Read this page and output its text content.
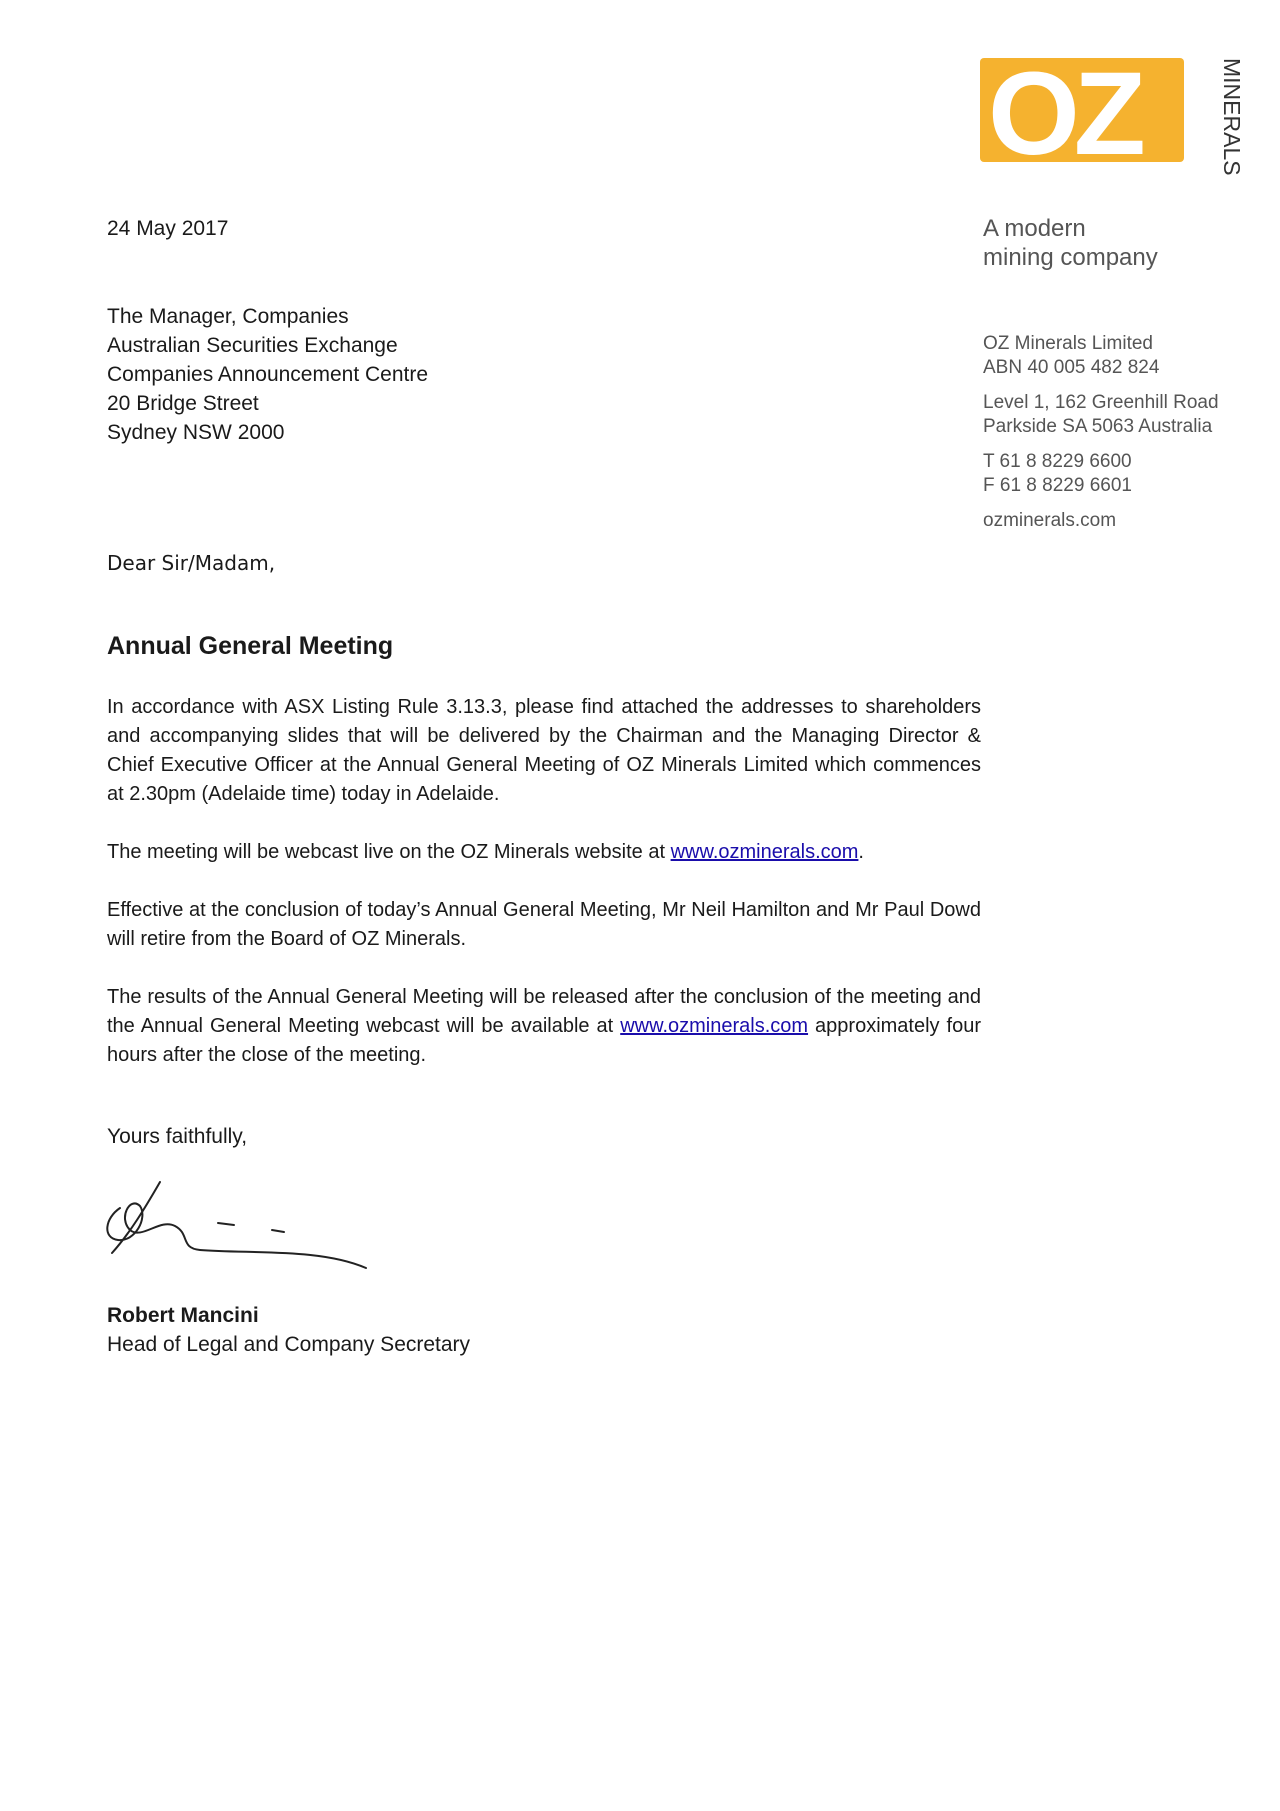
OZ	MINERALS
A modern
mining company

OZ Minerals Limited

ABN 40 005 482 824

Level 1, 162 Greenhill Road

Parkside SA 5063 Australia

T 61 8 8229 6600

F 61 8 8229 6601

ozminerals.com

24 May 2017

The Manager, Companies

Australian Securities Exchange

Companies Announcement Centre

20 Bridge Street

Sydney NSW 2000

Dear Sir/Madam,
Annual General Meeting

In accordance with ASX Listing Rule 3.13.3, please find attached the addresses to shareholders and accompanying slides that will be delivered by the Chairman and the Managing Director & Chief Executive Officer at the Annual General Meeting of OZ Minerals Limited which commences at 2.30pm (Adelaide time) today in Adelaide.

The meeting will be webcast live on the OZ Minerals website at www.ozminerals.com.

Effective at the conclusion of today’s Annual General Meeting, Mr Neil Hamilton and Mr Paul Dowd will retire from the Board of OZ Minerals.

The results of the Annual General Meeting will be released after the conclusion of the meeting and the Annual General Meeting webcast will be available at www.ozminerals.com approximately four hours after the close of the meeting.

Yours faithfully,
Robert Mancini
Head of Legal and Company Secretary
